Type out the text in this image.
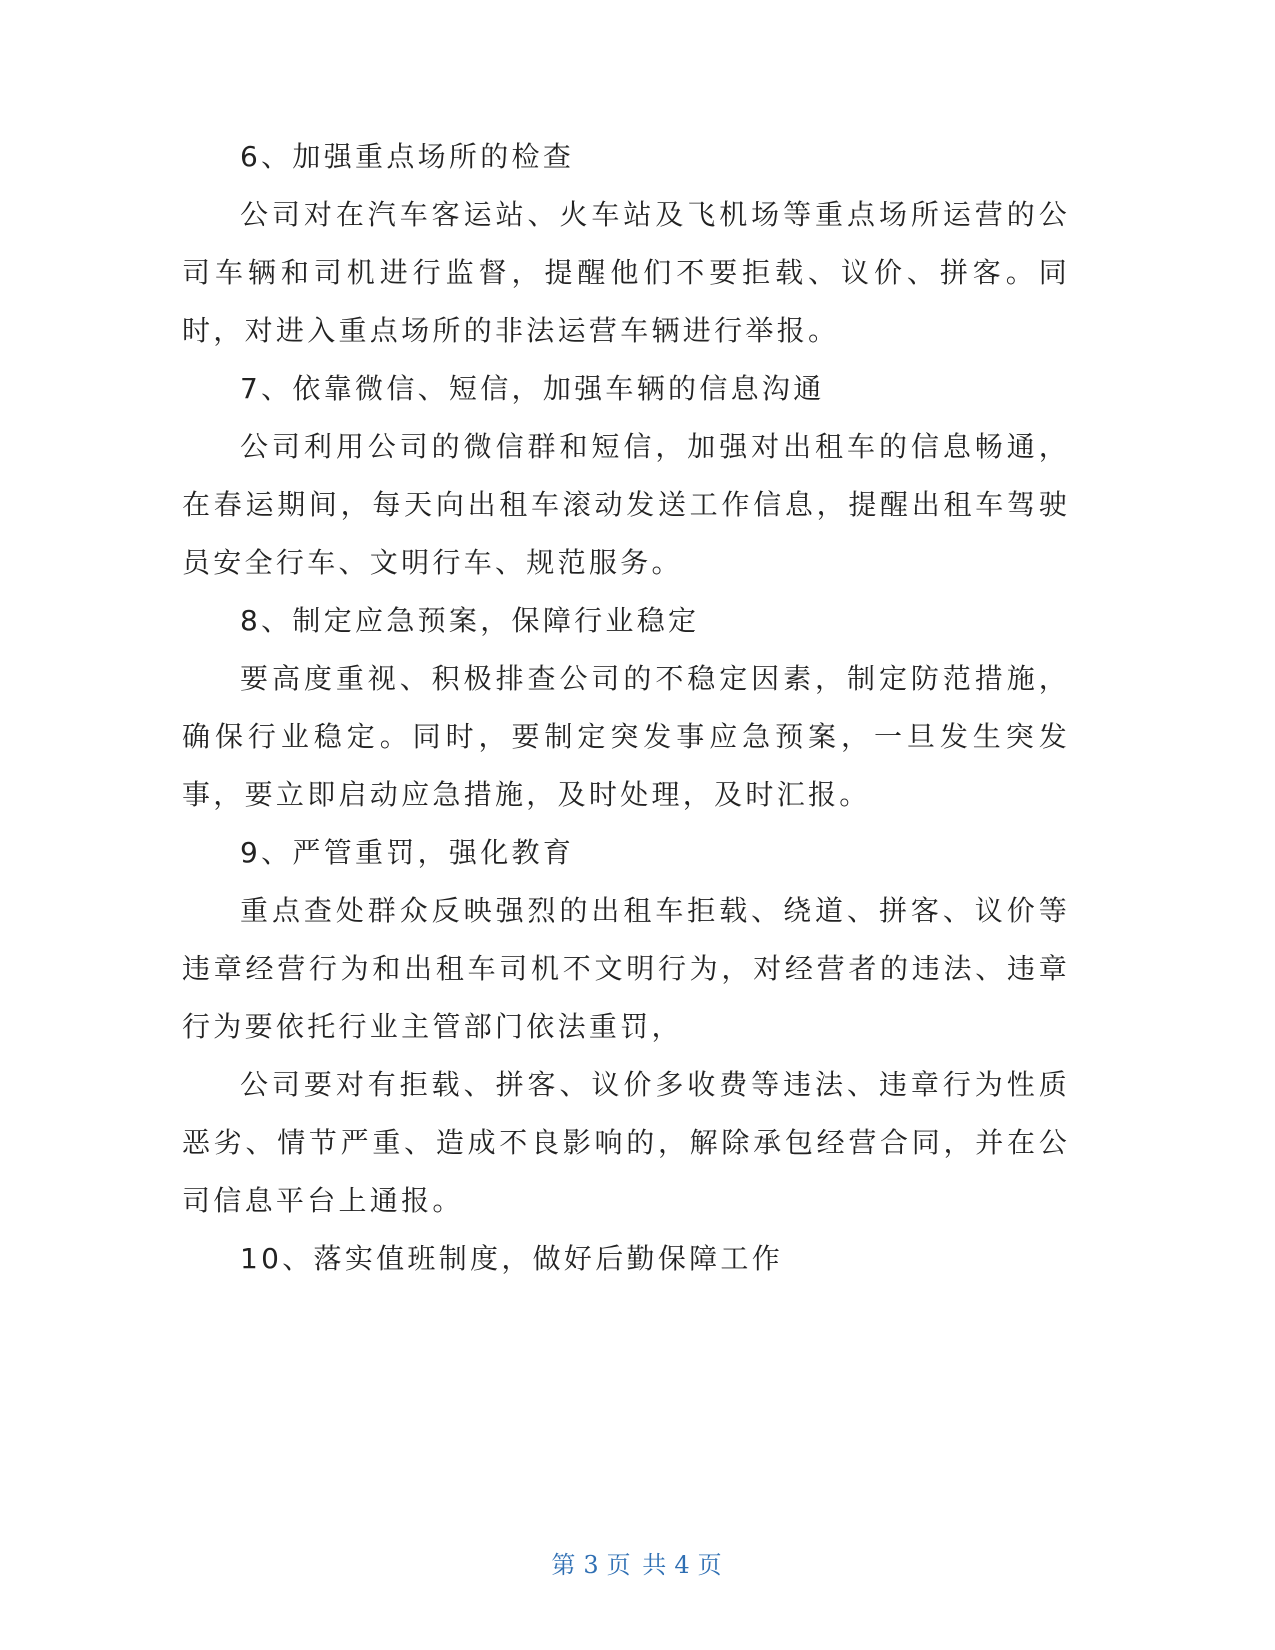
6、加强重点场所的检查

公司对在汽车客运站、火车站及飞机场等重点场所运营的公司车辆和司机进行监督，提醒他们不要拒载、议价、拼客。同时，对进入重点场所的非法运营车辆进行举报。

7、依靠微信、短信，加强车辆的信息沟通

公司利用公司的微信群和短信，加强对出租车的信息畅通，在春运期间，每天向出租车滚动发送工作信息，提醒出租车驾驶员安全行车、文明行车、规范服务。

8、制定应急预案，保障行业稳定

要高度重视、积极排查公司的不稳定因素，制定防范措施，确保行业稳定。同时，要制定突发事应急预案，一旦发生突发事，要立即启动应急措施，及时处理，及时汇报。

9、严管重罚，强化教育

重点查处群众反映强烈的出租车拒载、绕道、拼客、议价等违章经营行为和出租车司机不文明行为，对经营者的违法、违章行为要依托行业主管部门依法重罚，

公司要对有拒载、拼客、议价多收费等违法、违章行为性质恶劣、情节严重、造成不良影响的，解除承包经营合同，并在公司信息平台上通报。

10、落实值班制度，做好后勤保障工作

第 3 页 共 4 页
